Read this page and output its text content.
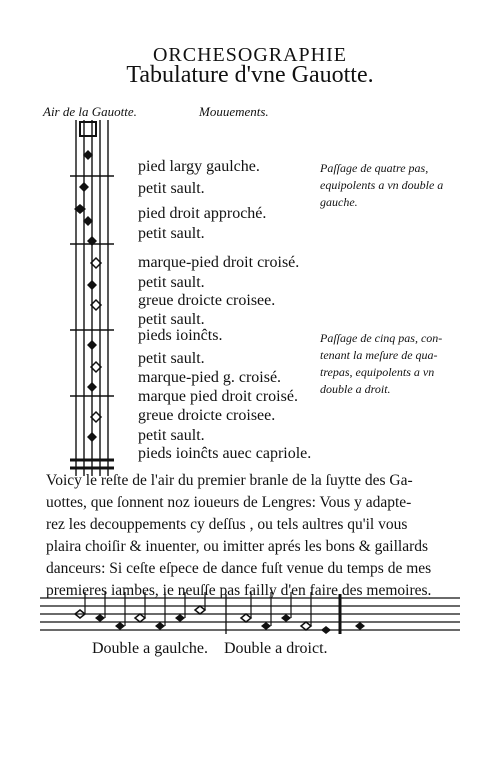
ORCHESOGRAPHIE
Tabulature d'vne Gauotte.
Air de la Gauotte.	Mouuements.
pied largy gaulche.
petit sault.
pied droit approché.
petit sault.
marque-pied droit croisé.
petit sault.
greue droicte croisee.
petit sault.
pieds ioinĉts.
petit sault.
marque-pied g. croisé.
marque pied droit croisé.
greue droicte croisee.
petit sault.
pieds ioinĉts auec capriole.
Paſſage de quatre pas,
equipolents a vn double a
gauche.
Paſſage de cinq pas, con-
tenant la meſure de qua-
trepas, equipolents a vn
double a droit.
Voicy le reſte de l'air du premier branle de la ſuytte des Ga-
uottes, que ſonnent noz ioueurs de Lengres: Vous y adapte-
rez les decouppements cy deſſus , ou tels aultres qu'il vous
plaira choiſir & inuenter, ou imitter aprés les bons & gaillards
danceurs: Si ceſte eſpece de dance fuſt venue du temps de mes
premieres iambes, ie neuſſe pas failly d'en faire des memoires.
Double a gaulche. Double a droict.
